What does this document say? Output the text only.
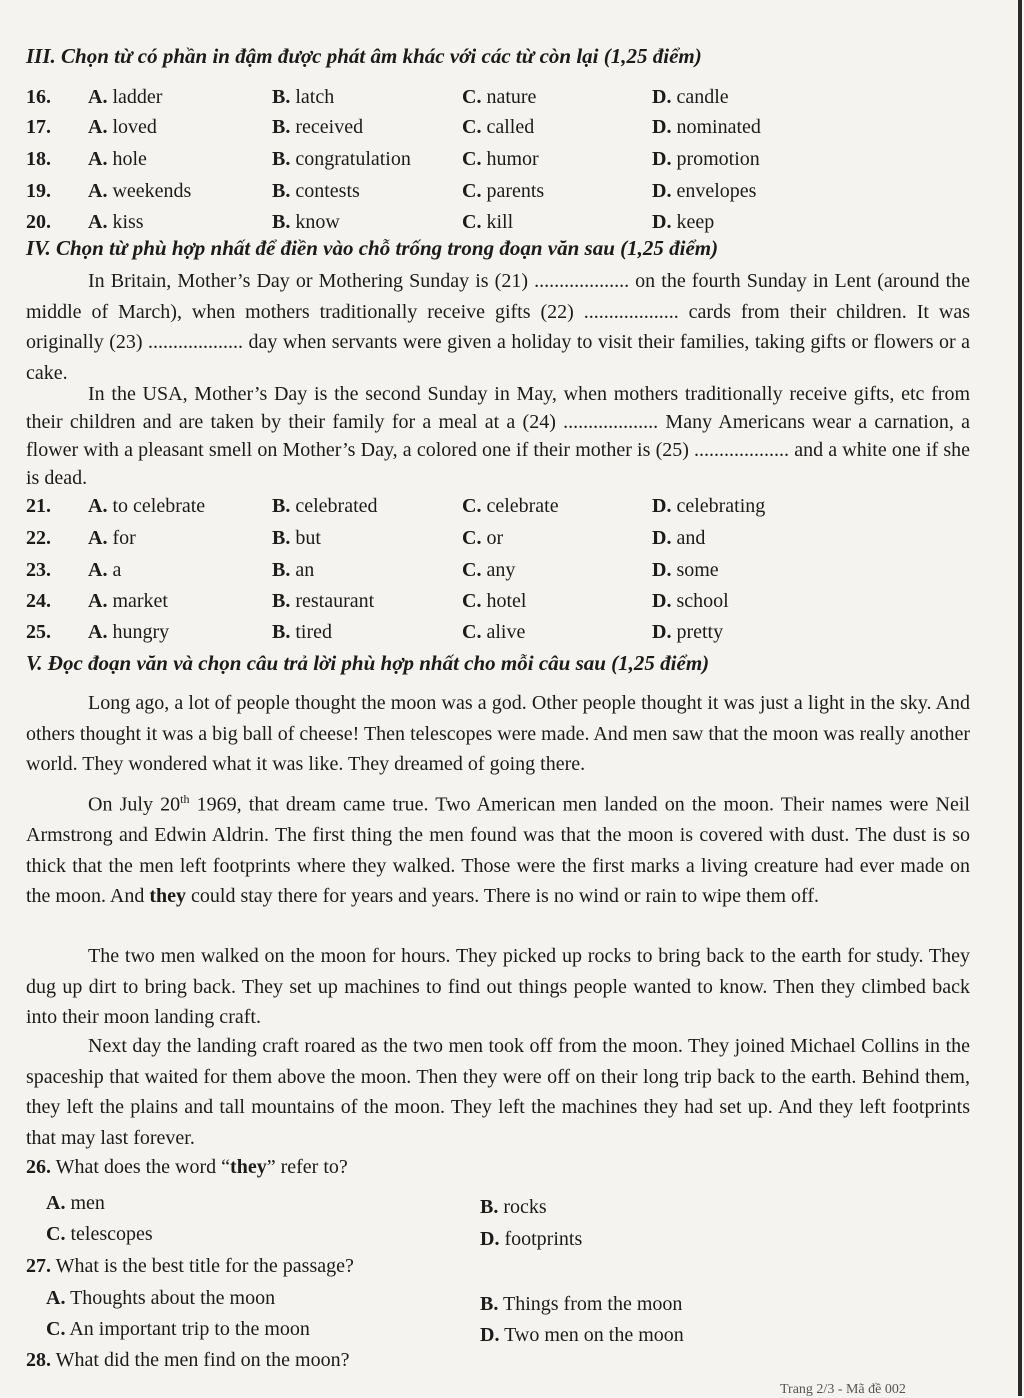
III. Chọn từ có phần in đậm được phát âm khác với các từ còn lại (1,25 điểm)
16. A. ladder	B. latch	C. nature	D. candle
17. A. loved	B. received	C. called	D. nominated
18. A. hole	B. congratulation	C. humor	D. promotion
19. A. weekends	B. contests	C. parents	D. envelopes
20. A. kiss	B. know	C. kill	D. keep
IV. Chọn từ phù hợp nhất để điền vào chỗ trống trong đoạn văn sau (1,25 điểm)
In Britain, Mother’s Day or Mothering Sunday is (21) ................... on the fourth Sunday in Lent (around the middle of March), when mothers traditionally receive gifts (22) ................... cards from their children. It was originally (23) ................... day when servants were given a holiday to visit their families, taking gifts or flowers or a cake.
In the USA, Mother’s Day is the second Sunday in May, when mothers traditionally receive gifts, etc from their children and are taken by their family for a meal at a (24) ................... Many Americans wear a carnation, a flower with a pleasant smell on Mother’s Day, a colored one if their mother is (25) ................... and a white one if she is dead.
21. A. to celebrate	B. celebrated	C. celebrate	D. celebrating
22. A. for	B. but	C. or	D. and
23. A. a	B. an	C. any	D. some
24. A. market	B. restaurant	C. hotel	D. school
25. A. hungry	B. tired	C. alive	D. pretty
V. Đọc đoạn văn và chọn câu trả lời phù hợp nhất cho mỗi câu sau (1,25 điểm)
Long ago, a lot of people thought the moon was a god. Other people thought it was just a light in the sky. And others thought it was a big ball of cheese! Then telescopes were made. And men saw that the moon was really another world. They wondered what it was like. They dreamed of going there.
On July 20th 1969, that dream came true. Two American men landed on the moon. Their names were Neil Armstrong and Edwin Aldrin. The first thing the men found was that the moon is covered with dust. The dust is so thick that the men left footprints where they walked. Those were the first marks a living creature had ever made on the moon. And they could stay there for years and years. There is no wind or rain to wipe them off.
The two men walked on the moon for hours. They picked up rocks to bring back to the earth for study. They dug up dirt to bring back. They set up machines to find out things people wanted to know. Then they climbed back into their moon landing craft.
Next day the landing craft roared as the two men took off from the moon. They joined Michael Collins in the spaceship that waited for them above the moon. Then they were off on their long trip back to the earth. Behind them, they left the plains and tall mountains of the moon. They left the machines they had set up. And they left footprints that may last forever.
26. What does the word “they” refer to?
A. men	B. rocks
C. telescopes	D. footprints
27. What is the best title for the passage?
A. Thoughts about the moon	B. Things from the moon
C. An important trip to the moon	D. Two men on the moon
28. What did the men find on the moon?
Trang 2/3 - Mã đề 002
